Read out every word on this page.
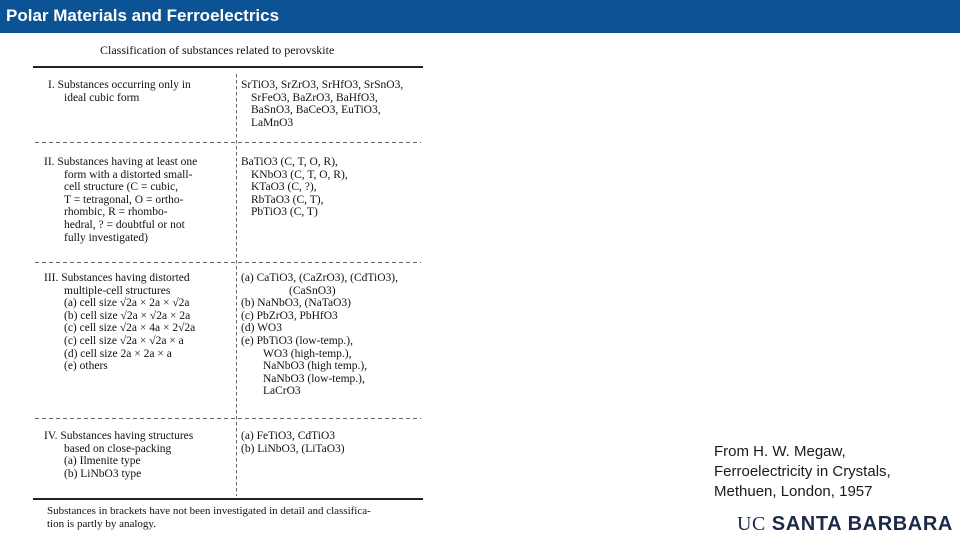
Polar Materials and Ferroelectrics
Classification of substances related to perovskite
I. Substances occurring only in
ideal cubic form
SrTiO3, SrZrO3, SrHfO3, SrSnO3,
SrFeO3, BaZrO3, BaHfO3,
BaSnO3, BaCeO3, EuTiO3,
LaMnO3
II. Substances having at least one
form with a distorted small-
cell structure (C = cubic,
T = tetragonal, O = ortho-
rhombic, R = rhombo-
hedral, ? = doubtful or not
fully investigated)
BaTiO3 (C, T, O, R),
KNbO3 (C, T, O, R),
KTaO3 (C, ?),
RbTaO3 (C, T),
PbTiO3 (C, T)
III. Substances having distorted
multiple-cell structures
(a) cell size √2a × 2a × √2a
(b) cell size √2a × √2a × 2a
(c) cell size √2a × 4a × 2√2a
(c) cell size √2a × √2a × a
(d) cell size 2a × 2a × a
(e) others
(a) CaTiO3, (CaZrO3), (CdTiO3),
(CaSnO3)
(b) NaNbO3, (NaTaO3)
(c) PbZrO3, PbHfO3
(d) WO3
(e) PbTiO3 (low-temp.),
WO3 (high-temp.),
NaNbO3 (high temp.),
NaNbO3 (low-temp.),
LaCrO3
IV. Substances having structures
based on close-packing
(a) Ilmenite type
(b) LiNbO3 type
(a) FeTiO3, CdTiO3
(b) LiNbO3, (LiTaO3)
Substances in brackets have not been investigated in detail and classifica-
tion is partly by analogy.
From H. W. Megaw,
Ferroelectricity in Crystals,
Methuen, London, 1957
UC SANTA BARBARA
